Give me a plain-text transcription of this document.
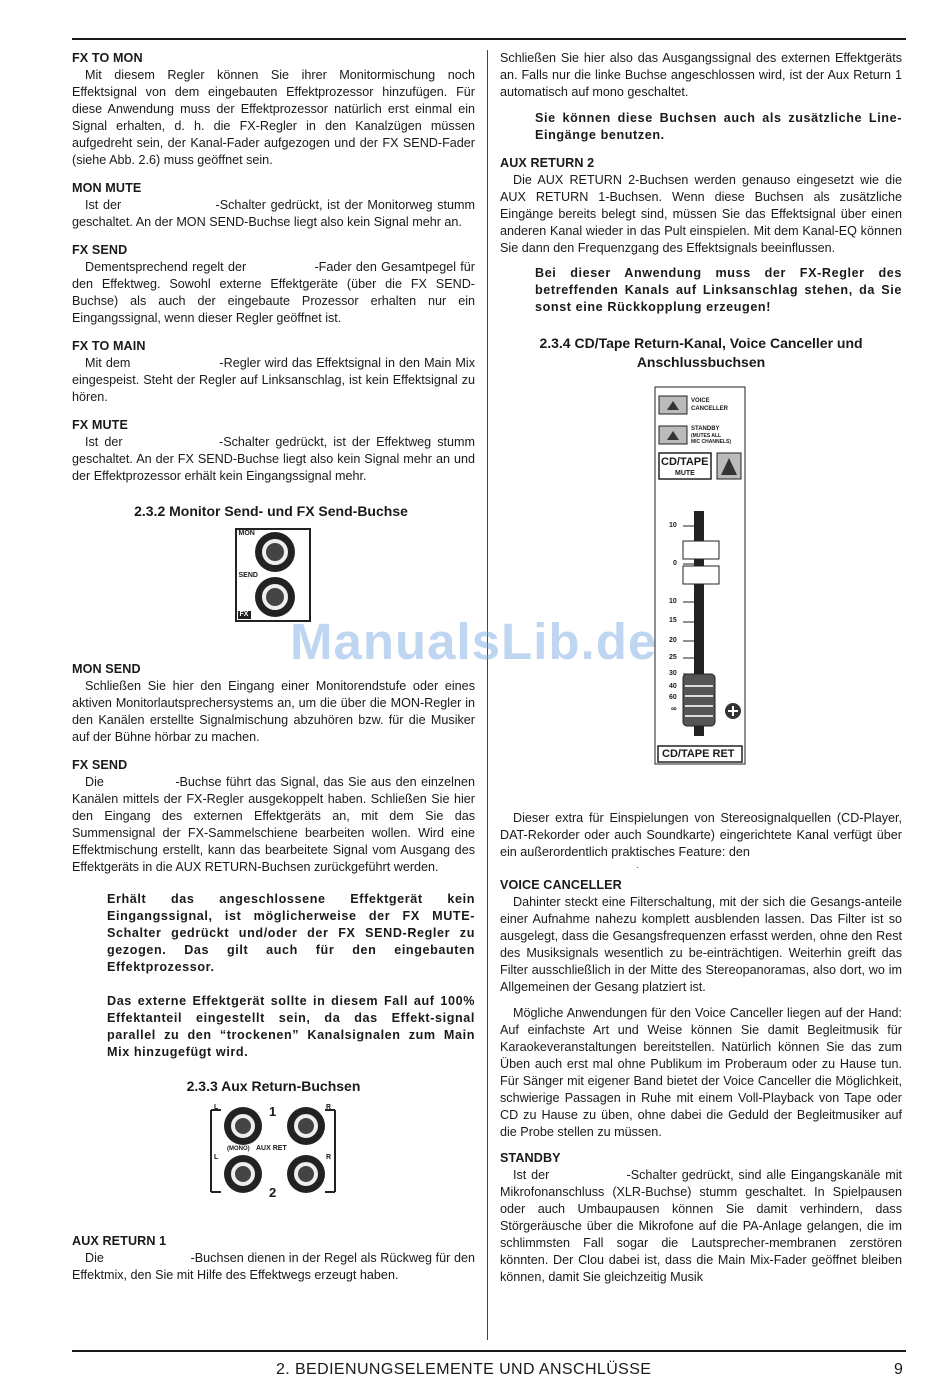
FX TO MON

Mit diesem Regler können Sie ihrer Monitormischung noch Effektsignal von dem eingebauten Effektprozessor hinzufügen. Für diese Anwendung muss der Effektprozessor natürlich erst einmal ein Signal erhalten, d. h. die FX-Regler in den Kanalzügen müssen aufgedreht sein, der Kanal-Fader aufgezogen und der FX SEND-Fader (siehe Abb. 2.6) muss geöffnet sein.

MON MUTE

Ist der                    -Schalter gedrückt, ist der Monitorweg stumm geschaltet. An der MON SEND-Buchse liegt also kein Signal mehr an.

FX SEND

Dementsprechend regelt der                -Fader den Gesamtpegel für den Effektweg. Sowohl externe Effektgeräte (über die FX SEND-Buchse) als auch der eingebaute Prozessor erhalten nur ein Eingangssignal, wenn dieser Regler geöffnet ist.

FX TO MAIN

Mit dem                      -Regler wird das Effektsignal in den Main Mix eingespeist. Steht der Regler auf Linksanschlag, ist kein Effektsignal zu hören.

FX MUTE

Ist der                -Schalter gedrückt, ist der Effektweg stumm geschaltet. An der FX SEND-Buchse liegt also kein Signal mehr an und der Effektprozessor erhält kein Eingangssignal mehr.

2.3.2 Monitor Send- und FX Send-Buchse

MON
SEND
FX

MON SEND

Schließen Sie hier den Eingang einer Monitorendstufe oder eines aktiven Monitorlautsprechersystems an, um die über die MON-Regler in den Kanälen erstellte Signalmischung abzuhören bzw. für die Musiker auf der Bühne hörbar zu machen.

FX SEND

Die                -Buchse führt das Signal, das Sie aus den einzelnen Kanälen mittels der FX-Regler ausgekoppelt haben. Schließen Sie hier den Eingang des externen Effektgeräts an, mit dem Sie das Summensignal der FX-Sammelschiene bearbeiten wollen. Wird eine Effektmischung erstellt, kann das bearbeitete Signal vom Ausgang des Effektgeräts in die AUX RETURN-Buchsen zurückgeführt werden.

Erhält das angeschlossene Effektgerät kein Eingangssignal, ist möglicherweise der FX MUTE-Schalter gedrückt und/oder der FX SEND-Regler zu gezogen. Das gilt auch für den eingebauten Effektprozessor.

Das externe Effektgerät sollte in diesem Fall auf 100% Effektanteil eingestellt sein, da das Effekt-signal parallel zu den “trockenen” Kanalsignalen zum Main Mix hinzugefügt wird.

2.3.3 Aux Return-Buchsen

L	R
1
(MONO) AUX RET
L	R
2

AUX RETURN 1

Die                        -Buchsen dienen in der Regel als Rückweg für den Effektmix, den Sie mit Hilfe des Effektwegs erzeugt haben.

Schließen Sie hier also das Ausgangssignal des externen Effektgeräts an. Falls nur die linke Buchse angeschlossen wird, ist der Aux Return 1 automatisch auf mono geschaltet.

Sie können diese Buchsen auch als zusätzliche Line-Eingänge benutzen.

AUX RETURN 2

Die AUX RETURN 2-Buchsen werden genauso eingesetzt wie die AUX RETURN 1-Buchsen. Wenn diese Buchsen als zusätzliche Eingänge bereits belegt sind, müssen Sie das Effektsignal über einen anderen Kanal wieder in das Pult einspielen. Mit dem Kanal-EQ können Sie dann den Frequenzgang des Effektsignals beeinflussen.

Bei dieser Anwendung muss der FX-Regler des betreffenden Kanals auf Linksanschlag stehen, da Sie sonst eine Rückkopplung erzeugen!

2.3.4 CD/Tape Return-Kanal, Voice Canceller und

Anschlussbuchsen

VOICE
CANCELLER
STANDBY
(MUTES ALL
MIC CHANNELS)
CD/TAPE
MUTE
10
0
10
15
20
25
30
40
60
∞
CD/TAPE RET

Dieser extra für Einspielungen von Stereosignalquellen (CD-Player, DAT-Rekorder oder auch Soundkarte) eingerichtete Kanal verfügt über ein außerordentlich praktisches Feature: den

.

VOICE CANCELLER

Dahinter steckt eine Filterschaltung, mit der sich die Gesangs-anteile einer Aufnahme nahezu komplett ausblenden lassen. Das Filter ist so ausgelegt, dass die Gesangsfrequenzen erfasst werden, ohne den Rest des Musiksignals wesentlich zu be-einträchtigen. Weiterhin greift das Filter ausschließlich in der Mitte des Stereopanoramas, also dort, wo im Allgemeinen der Gesang platziert ist.

Mögliche Anwendungen für den Voice Canceller liegen auf der Hand: Auf einfachste Art und Weise können Sie damit Begleitmusik für Karaokeveranstaltungen bereitstellen. Natürlich können Sie das zum Üben auch erst mal ohne Publikum im Proberaum oder zu Hause tun. Für Sänger mit eigener Band bietet der Voice Canceller die Möglichkeit, schwierige Passagen in Ruhe mit einem Voll-Playback von Tape oder CD zu Hause zu üben, ohne dabei die Geduld der Begleitmusiker auf die Probe stellen zu müssen.

STANDBY

Ist der                -Schalter gedrückt, sind alle Eingangskanäle mit Mikrofonanschluss (XLR-Buchse) stumm geschaltet. In Spielpausen oder auch Umbaupausen können Sie damit verhindern, dass Störgeräusche über die Mikrofone auf die PA-Anlage gelangen, die im schlimmsten Fall sogar die Lautsprecher-membranen zerstören könnten. Der Clou dabei ist, dass die Main Mix-Fader geöffnet bleiben können, damit Sie gleichzeitig Musik

2. BEDIENUNGSELEMENTE UND ANSCHLÜSSE	9
ManualsLib.de
